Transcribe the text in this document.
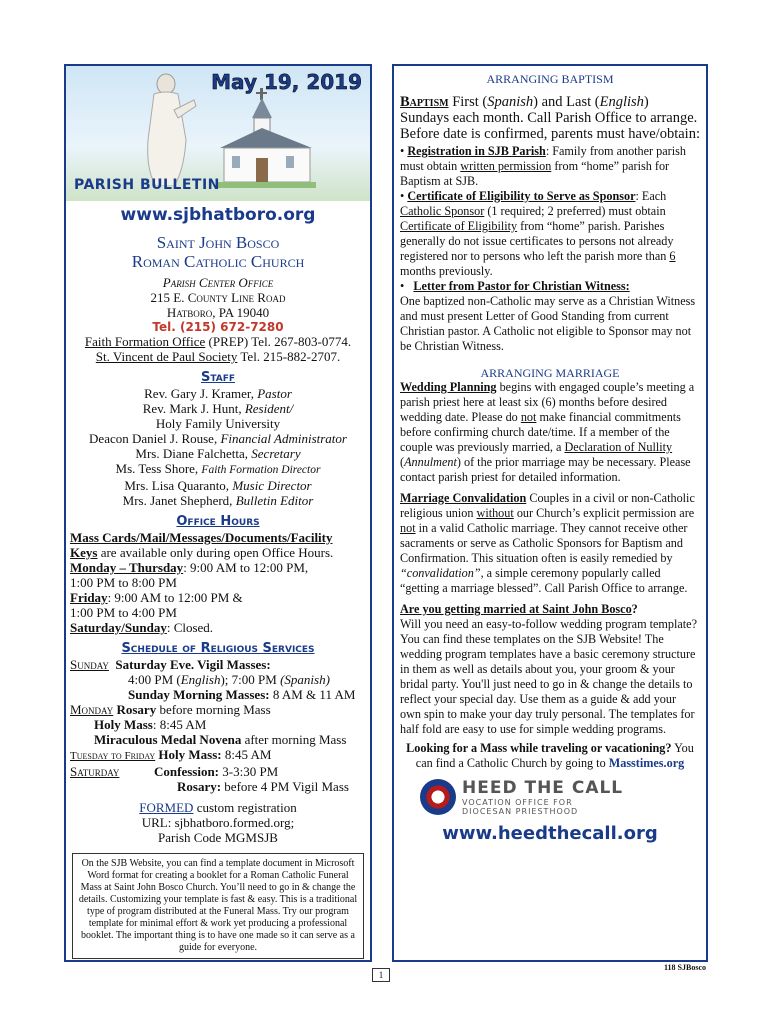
May 19, 2019
PARISH BULLETIN
www.sjbhatboro.org
Saint John Bosco
Roman Catholic Church
Parish Center Office
215 E. County Line Road
Hatboro, PA 19040
Tel. (215) 672-7280
Faith Formation Office (PREP) Tel. 267-803-0774.
St. Vincent de Paul Society Tel. 215-882-2707.
Staff
Rev. Gary J. Kramer, Pastor
Rev. Mark J. Hunt, Resident/
Holy Family University
Deacon Daniel J. Rouse, Financial Administrator
Mrs. Diane Falchetta, Secretary
Ms. Tess Shore, Faith Formation Director
Mrs. Lisa Quaranto, Music Director
Mrs. Janet Shepherd, Bulletin Editor
Office Hours
Mass Cards/Mail/Messages/Documents/Facility
Keys are available only during open Office Hours.
Monday – Thursday: 9:00 AM to 12:00 PM,
1:00 PM to 8:00 PM
Friday: 9:00 AM to 12:00 PM &
1:00 PM to 4:00 PM
Saturday/Sunday: Closed.
Schedule of Religious Services
Sunday Saturday Eve. Vigil Masses:
4:00 PM (English); 7:00 PM (Spanish)
Sunday Morning Masses: 8 AM & 11 AM
Monday Rosary before morning Mass
Holy Mass: 8:45 AM
Miraculous Medal Novena after morning Mass
Tuesday to Friday Holy Mass: 8:45 AM
Saturday	Confession: 3-3:30 PM
Rosary: before 4 PM Vigil Mass
FORMED custom registration
URL: sjbhatboro.formed.org;
Parish Code MGMSJB
On the SJB Website, you can find a template document in Microsoft Word format for creating a booklet for a Roman Catholic Funeral Mass at Saint John Bosco Church. You’ll need to go in & change the details. Customizing your template is fast & easy. This is a traditional type of program distributed at the Funeral Mass. Try our program template for minimal effort & work yet producing a professional booklet. The important thing is to have one made so it can serve as a guide for everyone.
ARRANGING BAPTISM
Baptism First (Spanish) and Last (English) Sundays each month. Call Parish Office to arrange. Before date is confirmed, parents must have/obtain:
• Registration in SJB Parish: Family from another parish must obtain written permission from “home” parish for Baptism at SJB.
• Certificate of Eligibility to Serve as Sponsor: Each Catholic Sponsor (1 required; 2 preferred) must obtain Certificate of Eligibility from “home” parish. Parishes generally do not issue certificates to persons not already registered nor to persons who left the parish more than 6 months previously.
•   Letter from Pastor for Christian Witness:
One baptized non-Catholic may serve as a Christian Witness and must present Letter of Good Standing from current Christian pastor. A Catholic not eligible to Sponsor may not be Christian Witness.
ARRANGING MARRIAGE
Wedding Planning begins with engaged couple’s meeting a parish priest here at least six (6) months before desired wedding date. Please do not make financial commitments before confirming church date/time. If a member of the couple was previously married, a Declaration of Nullity (Annulment) of the prior marriage may be necessary. Please contact parish priest for detailed information.
Marriage Convalidation Couples in a civil or non-Catholic religious union without our Church’s explicit permission are not in a valid Catholic marriage. They cannot receive other sacraments or serve as Catholic Sponsors for Baptism and Confirmation. This situation often is easily remedied by “convalidation”, a simple ceremony popularly called “getting a marriage blessed”. Call Parish Office to arrange.
Are you getting married at Saint John Bosco?
Will you need an easy-to-follow wedding program template? You can find these templates on the SJB Website! The wedding program templates have a basic ceremony structure in them as well as details about you, your groom & your bridal party. You'll just need to go in & change the details to reflect your special day. Use them as a guide & add your own spin to make your day truly personal. The templates for half fold are easy to use for simple wedding programs.
Looking for a Mass while traveling or vacationing? You can find a Catholic Church by going to Masstimes.org
HEED THE CALL
VOCATION OFFICE FOR
DIOCESAN PRIESTHOOD
www.heedthecall.org
1
118 SJBosco
